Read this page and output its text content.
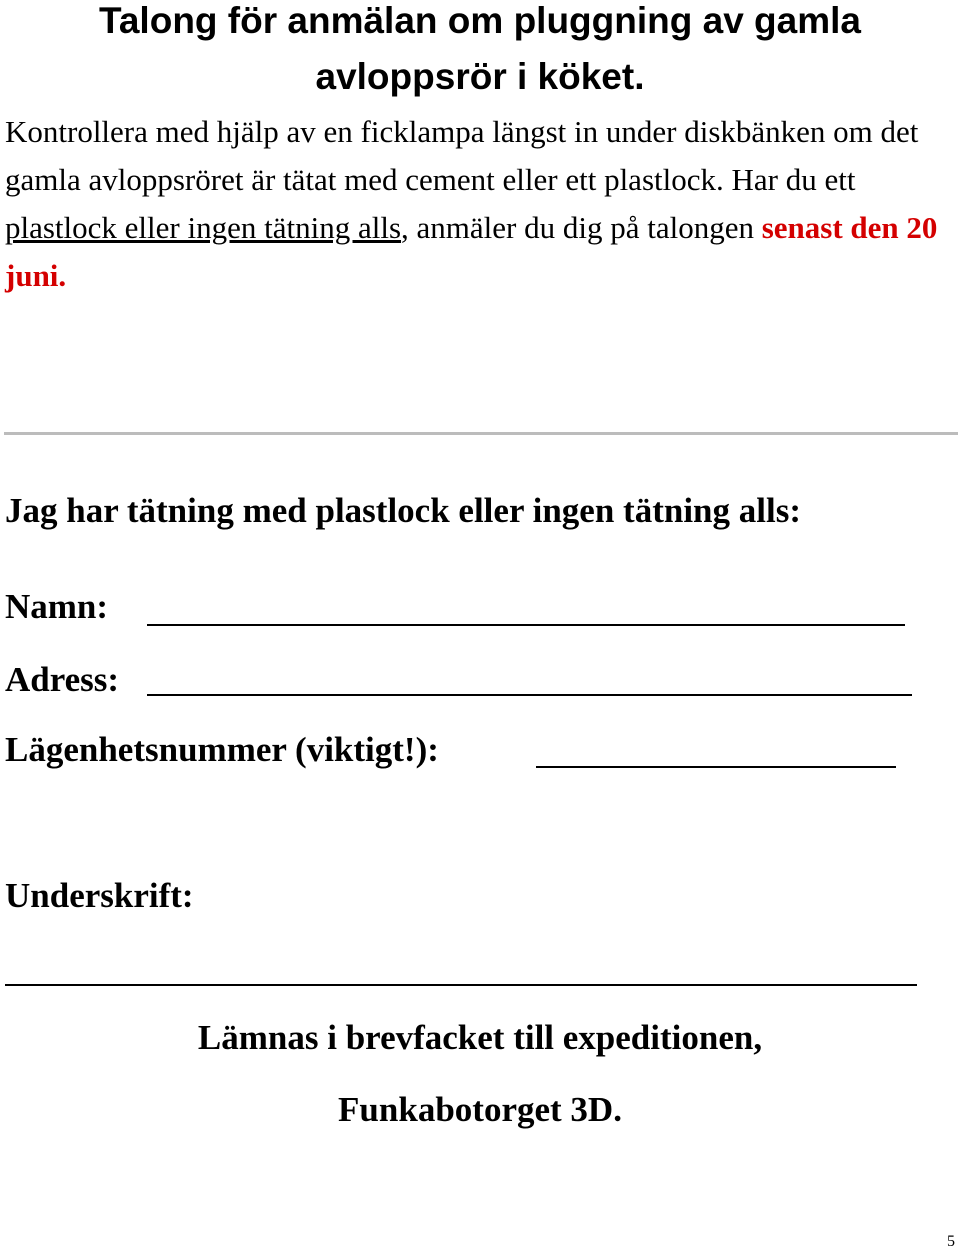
Talong för anmälan om pluggning av gamla
avloppsrör i köket.

Kontrollera med hjälp av en ficklampa längst in under diskbänken om det gamla avloppsröret är tätat med cement eller ett plastlock. Har du ett plastlock eller ingen tätning alls, anmäler du dig på talongen senast den 20 juni.

Jag har tätning med plastlock eller ingen tätning alls:
Namn:
Adress:
Lägenhetsnummer (viktigt!):
Underskrift:
Lämnas i brevfacket till expeditionen,
Funkabotorget 3D.
5
